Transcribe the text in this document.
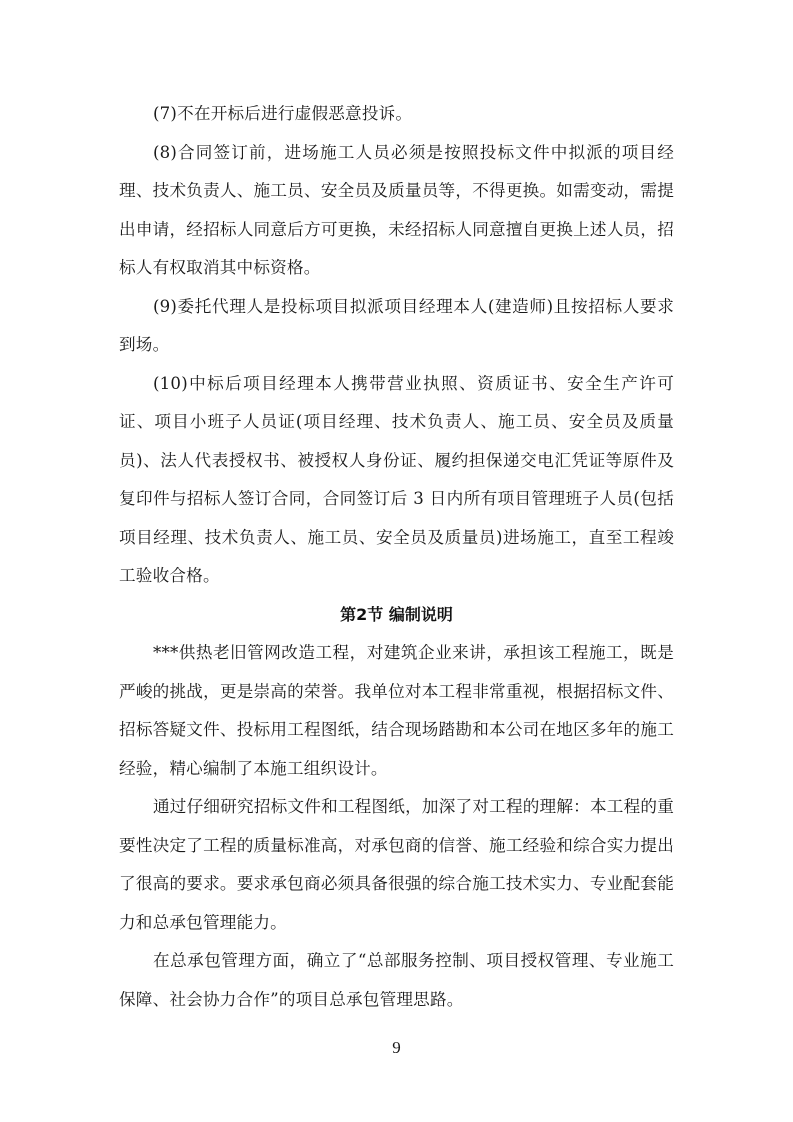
(7)不在开标后进行虚假恶意投诉。

(8)合同签订前，进场施工人员必须是按照投标文件中拟派的项目经理、技术负责人、施工员、安全员及质量员等，不得更换。如需变动，需提出申请，经招标人同意后方可更换，未经招标人同意擅自更换上述人员，招标人有权取消其中标资格。

(9)委托代理人是投标项目拟派项目经理本人(建造师)且按招标人要求到场。

(10)中标后项目经理本人携带营业执照、资质证书、安全生产许可证、项目小班子人员证(项目经理、技术负责人、施工员、安全员及质量员)、法人代表授权书、被授权人身份证、履约担保递交电汇凭证等原件及复印件与招标人签订合同，合同签订后 3 日内所有项目管理班子人员(包括项目经理、技术负责人、施工员、安全员及质量员)进场施工，直至工程竣工验收合格。

第2节 编制说明

***供热老旧管网改造工程，对建筑企业来讲，承担该工程施工，既是严峻的挑战，更是崇高的荣誉。我单位对本工程非常重视，根据招标文件、招标答疑文件、投标用工程图纸，结合现场踏勘和本公司在地区多年的施工经验，精心编制了本施工组织设计。

通过仔细研究招标文件和工程图纸，加深了对工程的理解：本工程的重要性决定了工程的质量标准高，对承包商的信誉、施工经验和综合实力提出了很高的要求。要求承包商必须具备很强的综合施工技术实力、专业配套能力和总承包管理能力。

在总承包管理方面，确立了“总部服务控制、项目授权管理、专业施工保障、社会协力合作”的项目总承包管理思路。

9
